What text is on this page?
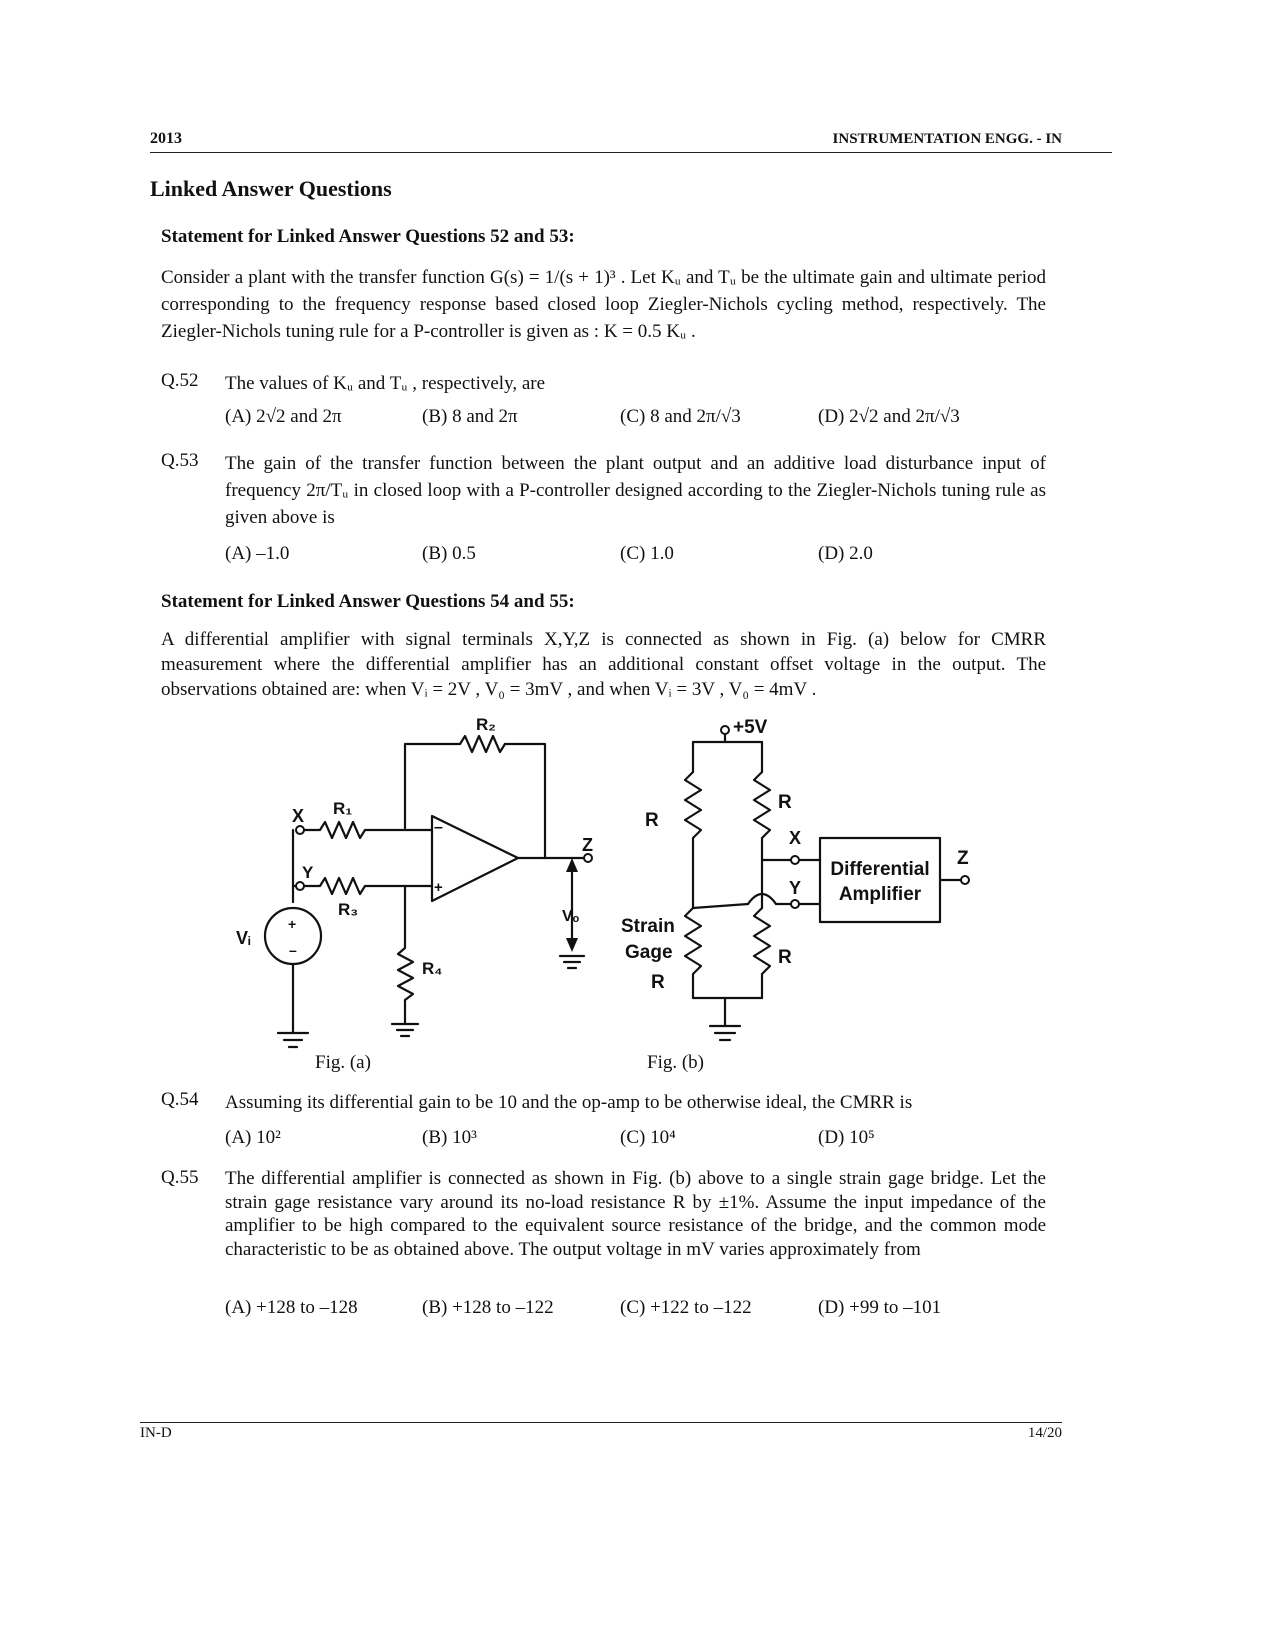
2013	INSTRUMENTATION ENGG. - IN
Linked Answer Questions
Statement for Linked Answer Questions 52 and 53:
Consider a plant with the transfer function G(s) = 1/(s + 1)³ . Let Kᵤ and Tᵤ be the ultimate gain and ultimate period corresponding to the frequency response based closed loop Ziegler-Nichols cycling method, respectively. The Ziegler-Nichols tuning rule for a P-controller is given as : K = 0.5 Kᵤ .
Q.52 The values of Kᵤ and Tᵤ , respectively, are
(A) 2√2 and 2π	(B) 8 and 2π	(C) 8 and 2π/√3	(D) 2√2 and 2π/√3
Q.53 The gain of the transfer function between the plant output and an additive load disturbance input of frequency 2π/Tᵤ in closed loop with a P-controller designed according to the Ziegler-Nichols tuning rule as given above is
(A) –1.0	(B) 0.5	(C) 1.0	(D) 2.0
Statement for Linked Answer Questions 54 and 55:
A differential amplifier with signal terminals X,Y,Z is connected as shown in Fig. (a) below for CMRR measurement where the differential amplifier has an additional constant offset voltage in the output. The observations obtained are: when Vᵢ = 2V , V₀ = 3mV , and when Vᵢ = 3V , V₀ = 4mV .
R₂
R₁
R₃
R₄
X
Y
Z
Vᵢ
Vₒ
+
–
–
+
Fig. (a)
+5V
R
R
R
Strain
Gage
R
X
Y
Z
Differential
Amplifier
Fig. (b)
Q.54 Assuming its differential gain to be 10 and the op-amp to be otherwise ideal, the CMRR is
(A) 10²	(B) 10³	(C) 10⁴	(D) 10⁵
Q.55 The differential amplifier is connected as shown in Fig. (b) above to a single strain gage bridge. Let the strain gage resistance vary around its no-load resistance R by ±1%. Assume the input impedance of the amplifier to be high compared to the equivalent source resistance of the bridge, and the common mode characteristic to be as obtained above. The output voltage in mV varies approximately from
(A) +128 to –128	(B) +128 to –122	(C) +122 to –122	(D) +99 to –101
IN-D	14/20
